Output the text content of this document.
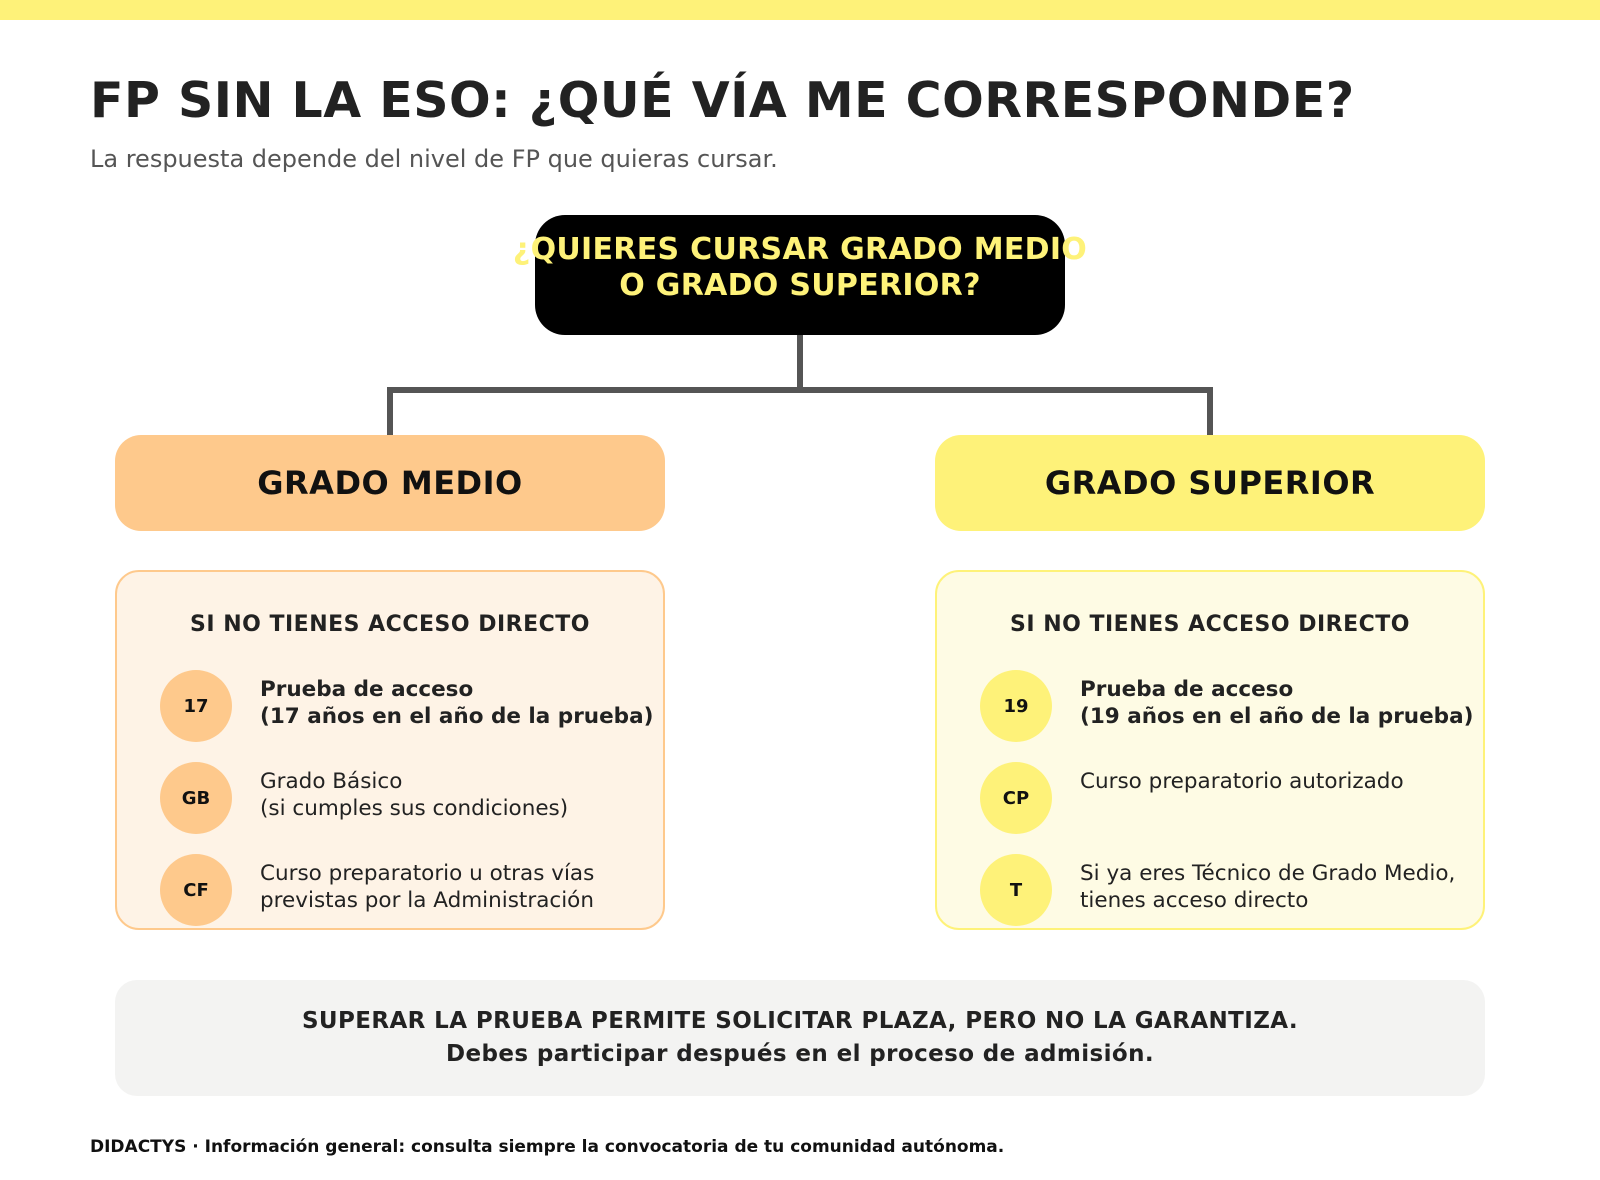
FP SIN LA ESO: ¿QUÉ VÍA ME CORRESPONDE?

La respuesta depende del nivel de FP que quieras cursar.

¿QUIERES CURSAR GRADO MEDIO
O GRADO SUPERIOR?
GRADO MEDIO	GRADO SUPERIOR
SI NO TIENES ACCESO DIRECTO
17
Prueba de acceso
(17 años en el año de la prueba)
GB
Grado Básico
(si cumples sus condiciones)
CF
Curso preparatorio u otras vías
previstas por la Administración
SI NO TIENES ACCESO DIRECTO
19
Prueba de acceso
(19 años en el año de la prueba)
CP
Curso preparatorio autorizado
T
Si ya eres Técnico de Grado Medio,
tienes acceso directo
SUPERAR LA PRUEBA PERMITE SOLICITAR PLAZA, PERO NO LA GARANTIZA.
Debes participar después en el proceso de admisión.
DIDACTYS · Información general: consulta siempre la convocatoria de tu comunidad autónoma.
